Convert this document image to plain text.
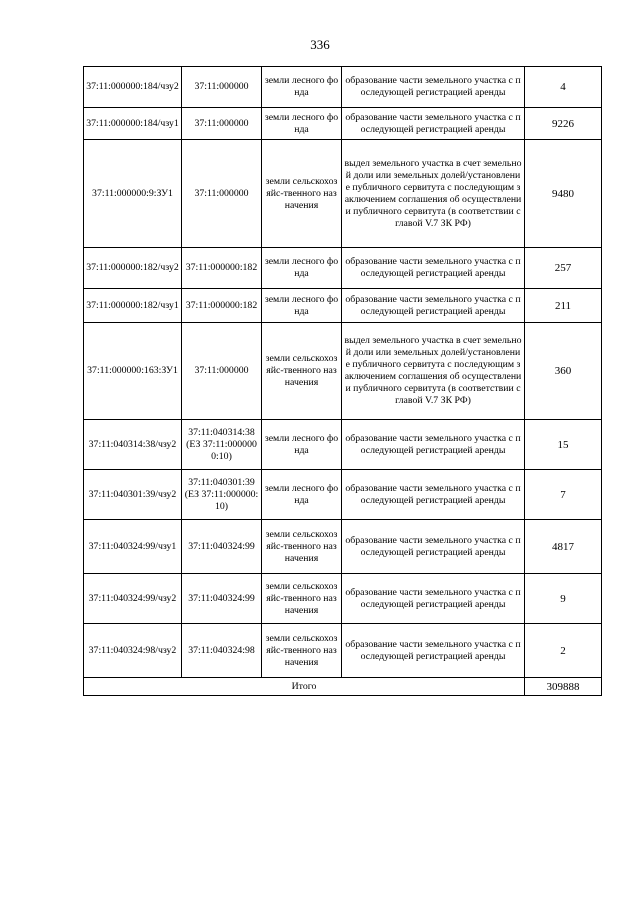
336
37:11:000000:184/чзу2	37:11:000000	земли лесного фонда	образование части земельного участка с последующей регистрацией аренды	4
37:11:000000:184/чзу1	37:11:000000	земли лесного фонда	образование части земельного участка с последующей регистрацией аренды	9226
37:11:000000:9:ЗУ1	37:11:000000	земли сельскохозяйс-твенного назначения	выдел земельного участка в счет земельной доли или земельных долей/установление публичного сервитута с последующим заключением соглашения об осуществлении публичного сервитута (в соответствии с главой V.7 ЗК РФ)	9480
37:11:000000:182/чзу2	37:11:000000:182	земли лесного фонда	образование части земельного участка с последующей регистрацией аренды	257
37:11:000000:182/чзу1	37:11:000000:182	земли лесного фонда	образование части земельного участка с последующей регистрацией аренды	211
37:11:000000:163:ЗУ1	37:11:000000	земли сельскохозяйс-твенного назначения	выдел земельного участка в счет земельной доли или земельных долей/установление публичного сервитута с последующим заключением соглашения об осуществлении публичного сервитута (в соответствии с главой V.7 ЗК РФ)	360
37:11:040314:38/чзу2	37:11:040314:38 (ЕЗ 37:11:0000000:10)	земли лесного фонда	образование части земельного участка с последующей регистрацией аренды	15
37:11:040301:39/чзу2	37:11:040301:39 (ЕЗ 37:11:000000:10)	земли лесного фонда	образование части земельного участка с последующей регистрацией аренды	7
37:11:040324:99/чзу1	37:11:040324:99	земли сельскохозяйс-твенного назначения	образование части земельного участка с последующей регистрацией аренды	4817
37:11:040324:99/чзу2	37:11:040324:99	земли сельскохозяйс-твенного назначения	образование части земельного участка с последующей регистрацией аренды	9
37:11:040324:98/чзу2	37:11:040324:98	земли сельскохозяйс-твенного назначения	образование части земельного участка с последующей регистрацией аренды	2
Итого				309888
